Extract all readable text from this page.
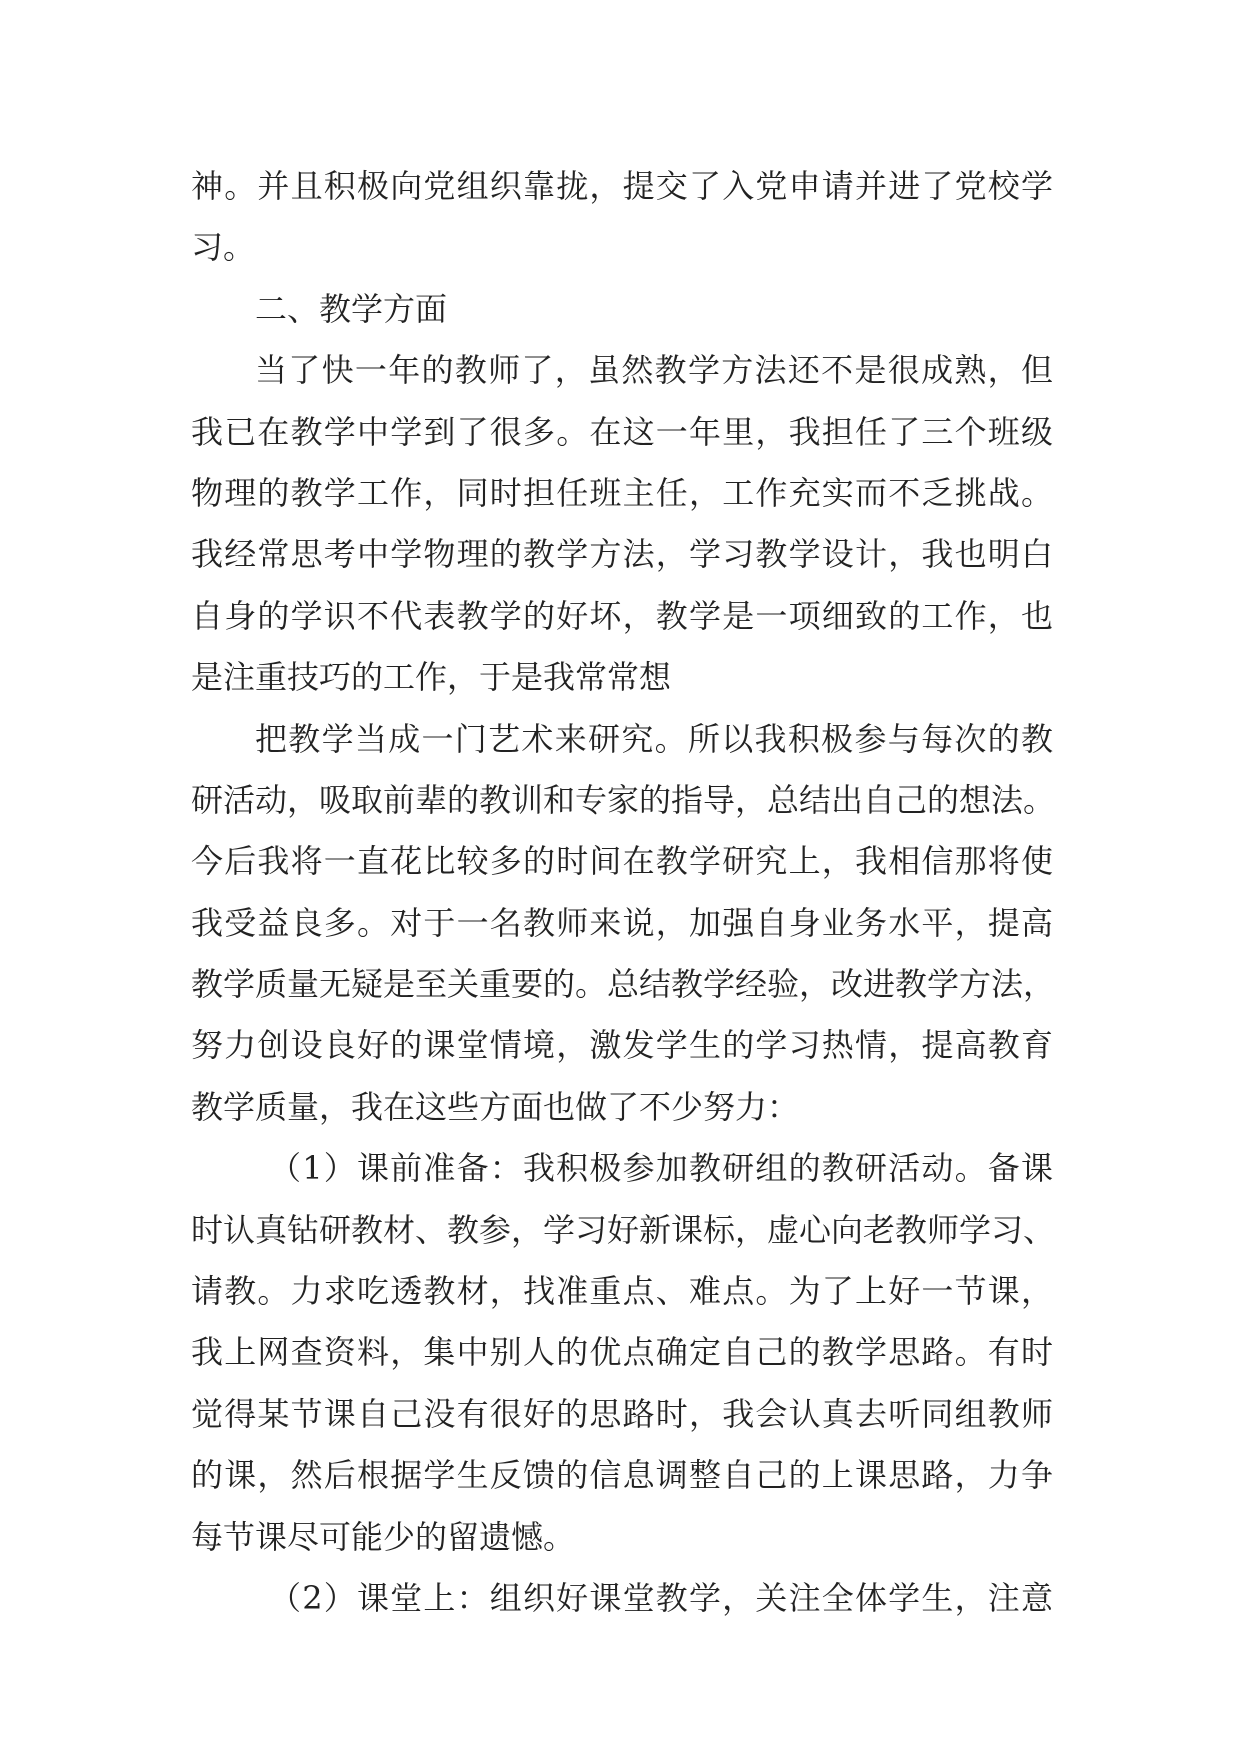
神。并且积极向党组织靠拢，提交了入党申请并进了党校学
习。
二、教学方面
当了快一年的教师了，虽然教学方法还不是很成熟，但
我已在教学中学到了很多。在这一年里，我担任了三个班级
物理的教学工作，同时担任班主任，工作充实而不乏挑战。
我经常思考中学物理的教学方法，学习教学设计，我也明白
自身的学识不代表教学的好坏，教学是一项细致的工作，也
是注重技巧的工作，于是我常常想
把教学当成一门艺术来研究。所以我积极参与每次的教
研活动，吸取前辈的教训和专家的指导，总结出自己的想法。
今后我将一直花比较多的时间在教学研究上，我相信那将使
我受益良多。对于一名教师来说，加强自身业务水平，提高
教学质量无疑是至关重要的。总结教学经验，改进教学方法，
努力创设良好的课堂情境，激发学生的学习热情，提高教育
教学质量，我在这些方面也做了不少努力：
（1）课前准备：我积极参加教研组的教研活动。备课
时认真钻研教材、教参，学习好新课标，虚心向老教师学习、
请教。力求吃透教材，找准重点、难点。为了上好一节课，
我上网查资料，集中别人的优点确定自己的教学思路。有时
觉得某节课自己没有很好的思路时，我会认真去听同组教师
的课，然后根据学生反馈的信息调整自己的上课思路，力争
每节课尽可能少的留遗憾。
（2）课堂上：组织好课堂教学，关注全体学生，注意
